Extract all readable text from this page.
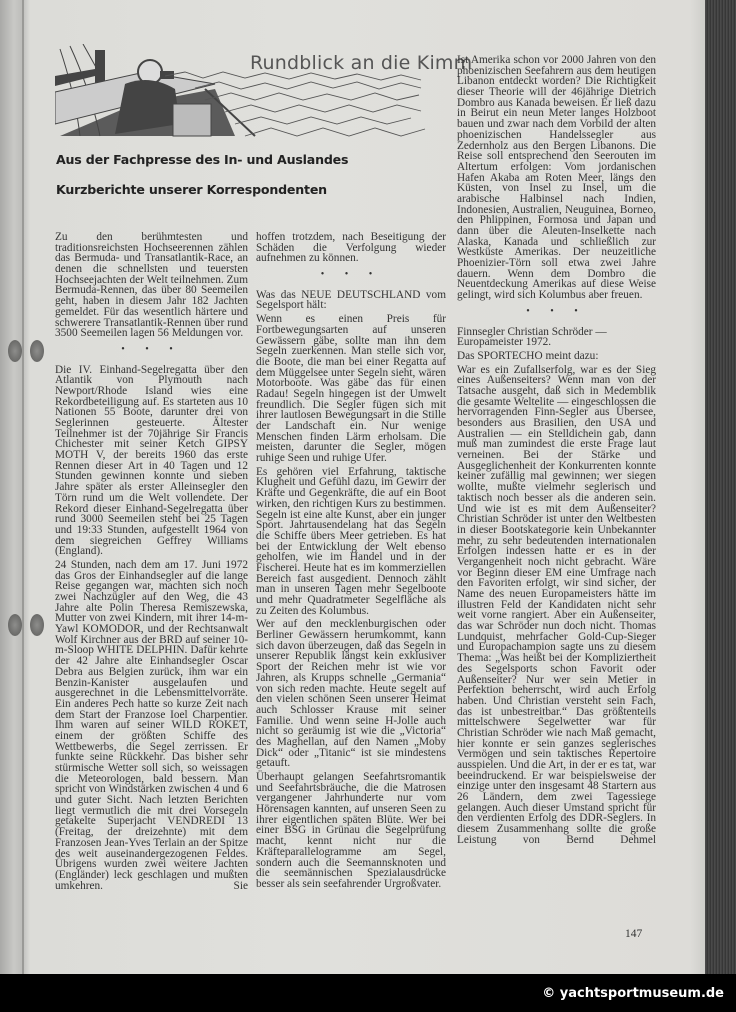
Rundblick an die Kimm
Aus der Fachpresse des In- und Auslandes
Kurzberichte unserer Korrespondenten

Zu den berühmtesten und traditionsreichsten Hochseerennen zählen das Bermuda- und Transatlantik-Race, an denen die schnellsten und teuersten Hochseejachten der Welt teilnehmen. Zum Bermuda-Rennen, das über 80 Seemeilen geht, haben in diesem Jahr 182 Jachten gemeldet. Für das wesentlich härtere und schwerere Transatlantik-Rennen über rund 3500 Seemeilen lagen 56 Meldungen vor.

• • •

Die IV. Einhand-Segelregatta über den Atlantik von Plymouth nach Newport/Rhode Island wies eine Rekordbeteiligung auf. Es starteten aus 10 Nationen 55 Boote, darunter drei von Seglerinnen gesteuerte. Ältester Teilnehmer ist der 70jährige Sir Francis Chichester mit seiner Ketch GIPSY MOTH V, der bereits 1960 das erste Rennen dieser Art in 40 Tagen und 12 Stunden gewinnen konnte und sieben Jahre später als erster Alleinsegler den Törn rund um die Welt vollendete. Der Rekord dieser Einhand-Segelregatta über rund 3000 Seemeilen steht bei 25 Tagen und 19:33 Stunden, aufgestellt 1964 von dem siegreichen Geffrey Williams (England).

24 Stunden, nach dem am 17. Juni 1972 das Gros der Einhandsegler auf die lange Reise gegangen war, machten sich noch zwei Nachzügler auf den Weg, die 43 Jahre alte Polin Theresa Remiszewska, Mutter von zwei Kindern, mit ihrer 14-m-Yawl KOMODOR, und der Rechtsanwalt Wolf Kirchner aus der BRD auf seiner 10-m-Sloop WHITE DELPHIN. Dafür kehrte der 42 Jahre alte Einhandsegler Oscar Debra aus Belgien zurück, ihm war ein Benzin-Kanister ausgelaufen und ausgerechnet in die Lebensmittelvorräte. Ein anderes Pech hatte so kurze Zeit nach dem Start der Franzose Ioel Charpentier. Ihm waren auf seiner WILD ROKET, einem der größten Schiffe des Wettbewerbs, die Segel zerrissen. Er funkte seine Rückkehr. Das bisher sehr stürmische Wetter soll sich, so weissagen die Meteorologen, bald bessern. Man spricht von Windstärken zwischen 4 und 6 und guter Sicht. Nach letzten Berichten liegt vermutlich die mit drei Vorsegeln getakelte Superjacht VENDREDI 13 (Freitag, der dreizehnte) mit dem Franzosen Jean-Yves Terlain an der Spitze des weit auseinandergezogenen Feldes. Übrigens wurden zwei weitere Jachten (Engländer) leck geschlagen und mußten umkehren. Sie

hoffen trotzdem, nach Beseitigung der Schäden die Verfolgung wieder aufnehmen zu können.

• • •

Was das NEUE DEUTSCHLAND vom Segelsport hält:

Wenn es einen Preis für Fortbewegungsarten auf unseren Gewässern gäbe, sollte man ihn dem Segeln zuerkennen. Man stelle sich vor, die Boote, die man bei einer Regatta auf dem Müggelsee unter Segeln sieht, wären Motorboote. Was gäbe das für einen Radau! Segeln hingegen ist der Umwelt freundlich. Die Segler fügen sich mit ihrer lautlosen Bewegungsart in die Stille der Landschaft ein. Nur wenige Menschen finden Lärm erholsam. Die meisten, darunter die Segler, mögen ruhige Seen und ruhige Ufer.

Es gehören viel Erfahrung, taktische Klugheit und Gefühl dazu, im Gewirr der Kräfte und Gegenkräfte, die auf ein Boot wirken, den richtigen Kurs zu bestimmen. Segeln ist eine alte Kunst, aber ein junger Sport. Jahrtausendelang hat das Segeln die Schiffe übers Meer getrieben. Es hat bei der Entwicklung der Welt ebenso geholfen, wie im Handel und in der Fischerei. Heute hat es im kommerziellen Bereich fast ausgedient. Dennoch zählt man in unseren Tagen mehr Segelboote und mehr Quadratmeter Segelfläche als zu Zeiten des Kolumbus.

Wer auf den mecklenburgischen oder Berliner Gewässern herumkommt, kann sich davon überzeugen, daß das Segeln in unserer Republik längst kein exklusiver Sport der Reichen mehr ist wie vor Jahren, als Krupps schnelle „Germania“ von sich reden machte. Heute segelt auf den vielen schönen Seen unserer Heimat auch Schlosser Krause mit seiner Familie. Und wenn seine H-Jolle auch nicht so geräumig ist wie die „Victoria“ des Maghellan, auf den Namen „Moby Dick“ oder „Titanic“ ist sie mindestens getauft.

Überhaupt gelangen Seefahrtsromantik und Seefahrtsbräuche, die die Matrosen vergangener Jahrhunderte nur vom Hörensagen kannten, auf unseren Seen zu ihrer eigentlichen späten Blüte. Wer bei einer BSG in Grünau die Segelprüfung macht, kennt nicht nur die Kräfteparallelogramme am Segel, sondern auch die Seemannsknoten und die seemännischen Spezialausdrücke besser als sein seefahrender Urgroßvater.

Ist Amerika schon vor 2000 Jahren von den phoenizischen Seefahrern aus dem heutigen Libanon entdeckt worden? Die Richtigkeit dieser Theorie will der 46jährige Dietrich Dombro aus Kanada beweisen. Er ließ dazu in Beirut ein neun Meter langes Holzboot bauen und zwar nach dem Vorbild der alten phoenizischen Handelssegler aus Zedernholz aus den Bergen Libanons. Die Reise soll entsprechend den Seerouten im Altertum erfolgen: Vom jordanischen Hafen Akaba am Roten Meer, längs den Küsten, von Insel zu Insel, um die arabische Halbinsel nach Indien, Indonesien, Australien, Neuguinea, Borneo, den Phlippinen, Formosa und Japan und dann über die Aleuten-Inselkette nach Alaska, Kanada und schließlich zur Westküste Amerikas. Der neuzeitliche Phoenizier-Törn soll etwa zwei Jahre dauern. Wenn dem Dombro die Neuentdeckung Amerikas auf diese Weise gelingt, wird sich Kolumbus aber freuen.

• • •

Finnsegler Christian Schröder — Europameister 1972.

Das SPORTECHO meint dazu:

War es ein Zufallserfolg, war es der Sieg eines Außenseiters? Wenn man von der Tatsache ausgeht, daß sich in Medemblik die gesamte Weltelite — eingeschlossen die hervorragenden Finn-Segler aus Übersee, besonders aus Brasilien, den USA und Australien — ein Stelldichein gab, dann muß man zumindest die erste Frage laut verneinen. Bei der Stärke und Ausgeglichenheit der Konkurrenten konnte keiner zufällig mal gewinnen; wer siegen wollte, mußte vielmehr seglerisch und taktisch noch besser als die anderen sein. Und wie ist es mit dem Außenseiter? Christian Schröder ist unter den Weltbesten in dieser Bootskategorie kein Unbekannter mehr, zu sehr bedeutenden internationalen Erfolgen indessen hatte er es in der Vergangenheit noch nicht gebracht. Wäre vor Beginn dieser EM eine Umfrage nach den Favoriten erfolgt, wir sind sicher, der Name des neuen Europameisters hätte im illustren Feld der Kandidaten nicht sehr weit vorne rangiert. Aber ein Außenseiter, das war Schröder nun doch nicht. Thomas Lundquist, mehrfacher Gold-Cup-Sieger und Europachampion sagte uns zu diesem Thema: „Was heißt bei der Kompliziertheit des Segelsports schon Favorit oder Außenseiter? Nur wer sein Metier in Perfektion beherrscht, wird auch Erfolg haben. Und Christian versteht sein Fach, das ist unbestreitbar.“ Das größtenteils mittelschwere Segelwetter war für Christian Schröder wie nach Maß gemacht, hier konnte er sein ganzes seglerisches Vermögen und sein taktisches Repertoire ausspielen. Und die Art, in der er es tat, war beeindruckend. Er war beispielsweise der einzige unter den insgesamt 48 Startern aus 26 Ländern, dem zwei Tagessiege gelangen. Auch dieser Umstand spricht für den verdienten Erfolg des DDR-Seglers. In diesem Zusammenhang sollte die große Leistung von Bernd Dehmel

147
© yachtsportmuseum.de
